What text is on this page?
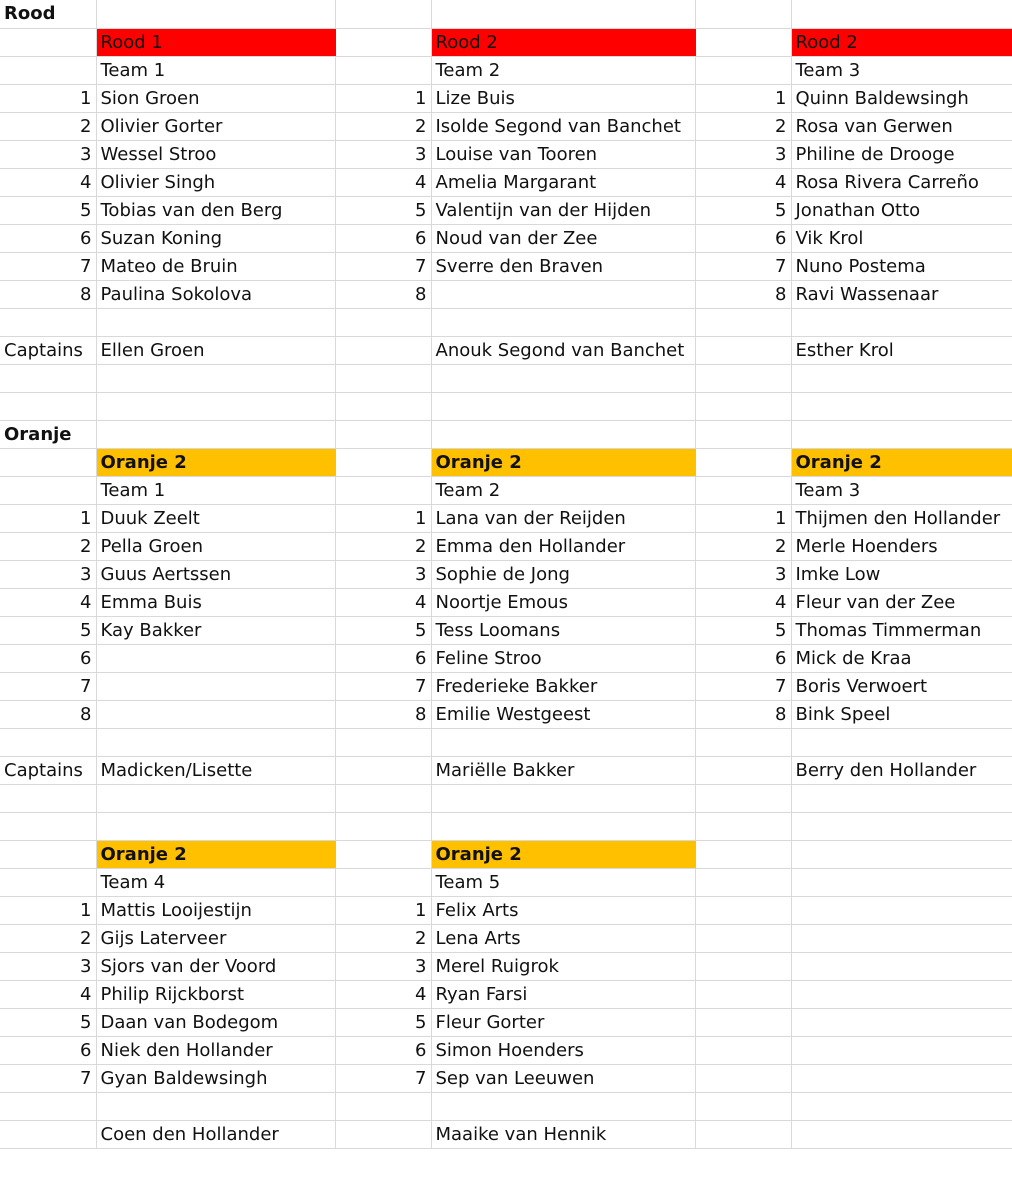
Rood					
	Rood 1		Rood 2		Rood 2
	Team 1		Team 2		Team 3
1	Sion Groen	1	Lize Buis	1	Quinn Baldewsingh
2	Olivier Gorter	2	Isolde Segond van Banchet	2	Rosa van Gerwen
3	Wessel Stroo	3	Louise van Tooren	3	Philine de Drooge
4	Olivier Singh	4	Amelia Margarant	4	Rosa Rivera Carreño
5	Tobias van den Berg	5	Valentijn van der Hijden	5	Jonathan Otto
6	Suzan Koning	6	Noud van der Zee	6	Vik Krol
7	Mateo de Bruin	7	Sverre den Braven	7	Nuno Postema
8	Paulina Sokolova	8		8	Ravi Wassenaar

Captains	Ellen Groen		Anouk Segond van Banchet		Esther Krol

Oranje					
	Oranje 2		Oranje 2		Oranje 2
	Team 1		Team 2		Team 3
1	Duuk Zeelt	1	Lana van der Reijden	1	Thijmen den Hollander
2	Pella Groen	2	Emma den Hollander	2	Merle Hoenders
3	Guus Aertssen	3	Sophie de Jong	3	Imke Low
4	Emma Buis	4	Noortje Emous	4	Fleur van der Zee
5	Kay Bakker	5	Tess Loomans	5	Thomas Timmerman
6		6	Feline Stroo	6	Mick de Kraa
7		7	Frederieke Bakker	7	Boris Verwoert
8		8	Emilie Westgeest	8	Bink Speel

Captains	Madicken/Lisette		Mariëlle Bakker		Berry den Hollander

	Oranje 2		Oranje 2		
	Team 4		Team 5		
1	Mattis Looijestijn	1	Felix Arts		
2	Gijs Laterveer	2	Lena Arts		
3	Sjors van der Voord	3	Merel Ruigrok		
4	Philip Rijckborst	4	Ryan Farsi		
5	Daan van Bodegom	5	Fleur Gorter		
6	Niek den Hollander	6	Simon Hoenders		
7	Gyan Baldewsingh	7	Sep van Leeuwen		

	Coen den Hollander		Maaike van Hennik		
